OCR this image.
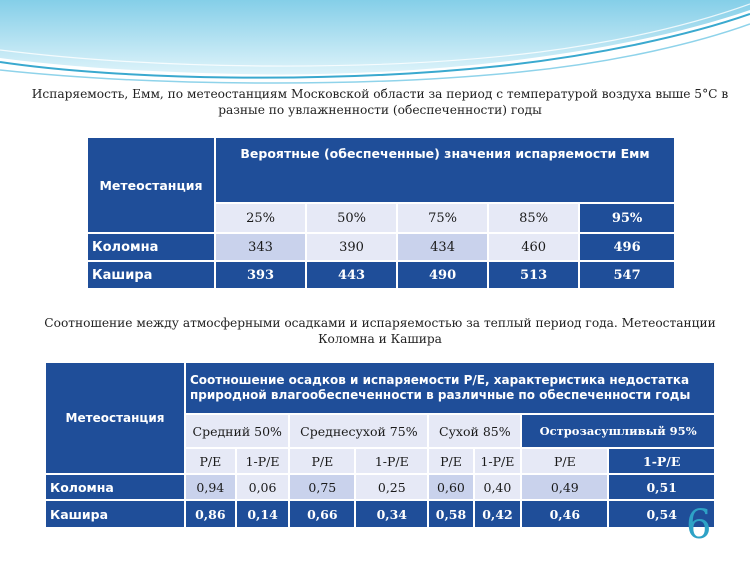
Испаряемость, Емм, по метеостанциям Московской области за период с температурой воздуха выше 5°С в разные по увлажненности (обеспеченности) годы
Метеостанция	Вероятные (обеспеченные) значения испаряемости Емм				
	25%	50%	75%	85%	95%
Коломна	343	390	434	460	496
Кашира	393	443	490	513	547
Соотношение между атмосферными осадками и испаряемостью за теплый период года. Метеостанции Коломна и Кашира
Метеостанция	Соотношение осадков и испаряемости Р/Е, характеристика недостатка природной влагообеспеченности в различные по обеспеченности годы							
	Средний 50%		Среднесухой 75%		Сухой 85%		Острозасушливый 95%	
	Р/Е	1-Р/Е	Р/Е	1-Р/Е	Р/Е	1-Р/Е	Р/Е	1-Р/Е
Коломна	0,94	0,06	0,75	0,25	0,60	0,40	0,49	0,51
Кашира	0,86	0,14	0,66	0,34	0,58	0,42	0,46	0,54 6
